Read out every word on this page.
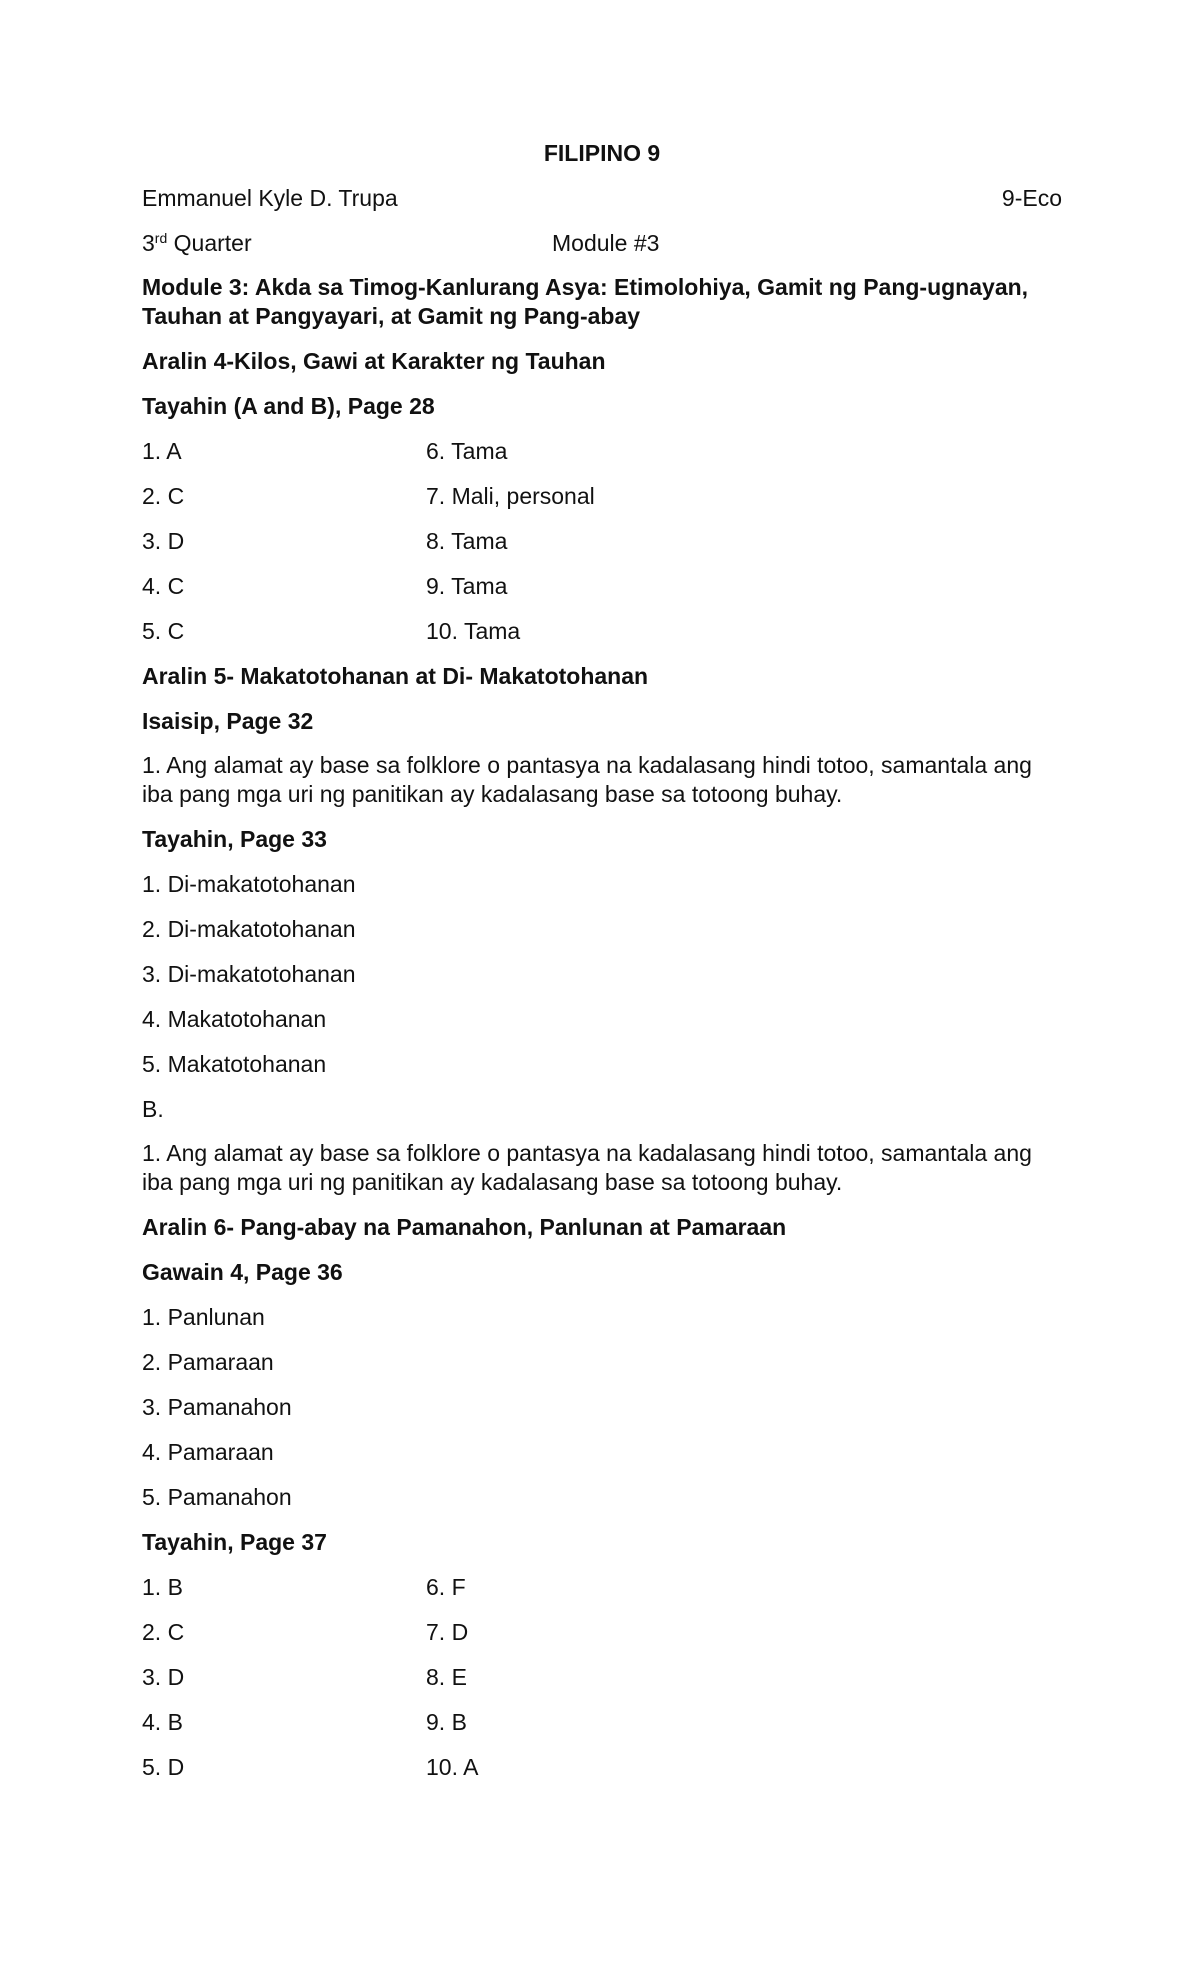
FILIPINO 9
Emmanuel Kyle D. Trupa	9-Eco
3rd Quarter	Module #3
Module 3: Akda sa Timog-Kanlurang Asya: Etimolohiya, Gamit ng Pang-ugnayan, Tauhan at Pangyayari, at Gamit ng Pang-abay
Aralin 4-Kilos, Gawi at Karakter ng Tauhan
Tayahin (A and B), Page 28
1. A	6. Tama
2. C	7. Mali, personal
3. D	8. Tama
4. C	9. Tama
5. C	10. Tama
Aralin 5- Makatotohanan at Di- Makatotohanan
Isaisip, Page 32
1. Ang alamat ay base sa folklore o pantasya na kadalasang hindi totoo, samantala ang iba pang mga uri ng panitikan ay kadalasang base sa totoong buhay.
Tayahin, Page 33
1. Di-makatotohanan
2. Di-makatotohanan
3. Di-makatotohanan
4. Makatotohanan
5. Makatotohanan
B.
1. Ang alamat ay base sa folklore o pantasya na kadalasang hindi totoo, samantala ang iba pang mga uri ng panitikan ay kadalasang base sa totoong buhay.
Aralin 6- Pang-abay na Pamanahon, Panlunan at Pamaraan
Gawain 4, Page 36
1. Panlunan
2. Pamaraan
3. Pamanahon
4. Pamaraan
5. Pamanahon
Tayahin, Page 37
1. B	6. F
2. C	7. D
3. D	8. E
4. B	9. B
5. D	10. A
